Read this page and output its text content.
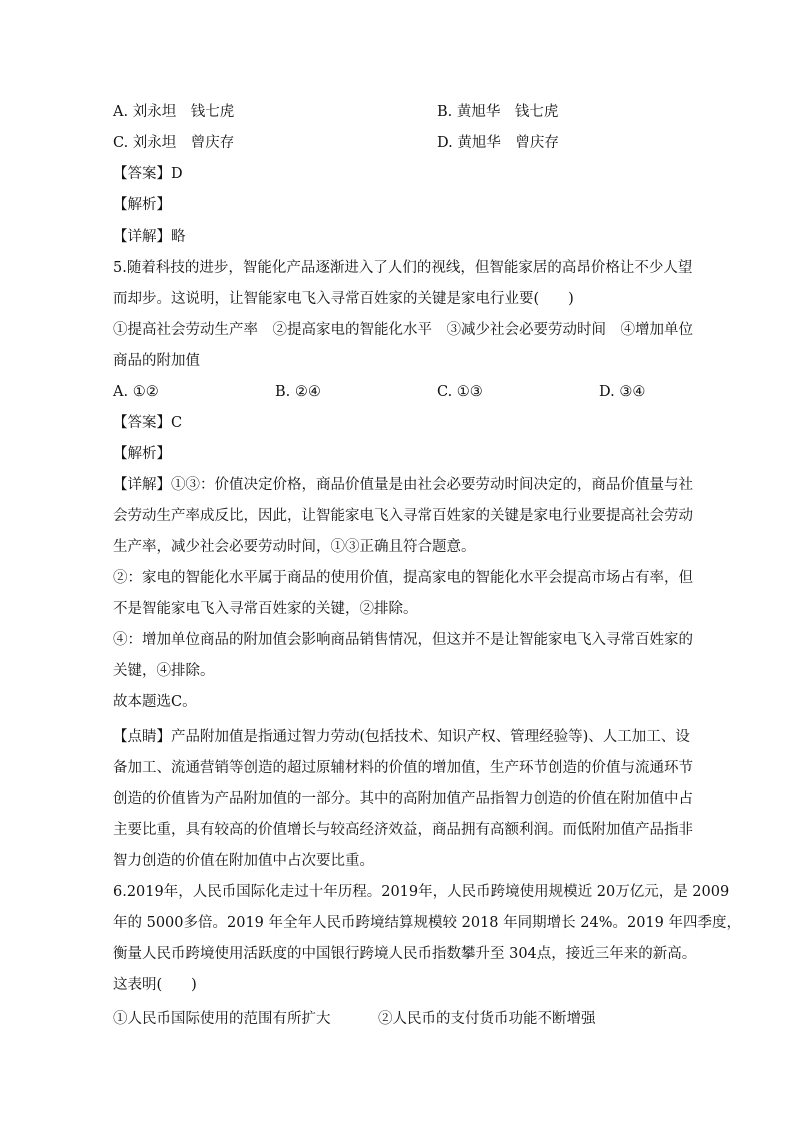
A. 刘永坦　钱七虎	B. 黄旭华　钱七虎
C. 刘永坦　曾庆存	D. 黄旭华　曾庆存
【答案】D
【解析】
【详解】略
5.随着科技的进步，智能化产品逐渐进入了人们的视线，但智能家居的高昂价格让不少人望
而却步。这说明，让智能家电飞入寻常百姓家的关键是家电行业要(　　)
①提高社会劳动生产率　②提高家电的智能化水平　③减少社会必要劳动时间　④增加单位
商品的附加值
A. ①②	B. ②④	C. ①③	D. ③④
【答案】C
【解析】
【详解】①③：价值决定价格，商品价值量是由社会必要劳动时间决定的，商品价值量与社
会劳动生产率成反比，因此，让智能家电飞入寻常百姓家的关键是家电行业要提高社会劳动
生产率，减少社会必要劳动时间，①③正确且符合题意。
②：家电的智能化水平属于商品的使用价值，提高家电的智能化水平会提高市场占有率，但
不是智能家电飞入寻常百姓家的关键，②排除。
④：增加单位商品的附加值会影响商品销售情况，但这并不是让智能家电飞入寻常百姓家的
关键，④排除。
故本题选C。
【点睛】产品附加值是指通过智力劳动(包括技术、知识产权、管理经验等)、人工加工、设
备加工、流通营销等创造的超过原辅材料的价值的增加值，生产环节创造的价值与流通环节
创造的价值皆为产品附加值的一部分。其中的高附加值产品指智力创造的价值在附加值中占
主要比重，具有较高的价值增长与较高经济效益，商品拥有高额利润。而低附加值产品指非
智力创造的价值在附加值中占次要比重。
6.2019年，人民币国际化走过十年历程。2019年，人民币跨境使用规模近 20万亿元，是 2009
年的 5000多倍。2019 年全年人民币跨境结算规模较 2018 年同期增长 24%。2019 年四季度，
衡量人民币跨境使用活跃度的中国银行跨境人民币指数攀升至 304点，接近三年来的新高。
这表明(　　)
①人民币国际使用的范围有所扩大	②人民币的支付货币功能不断增强
